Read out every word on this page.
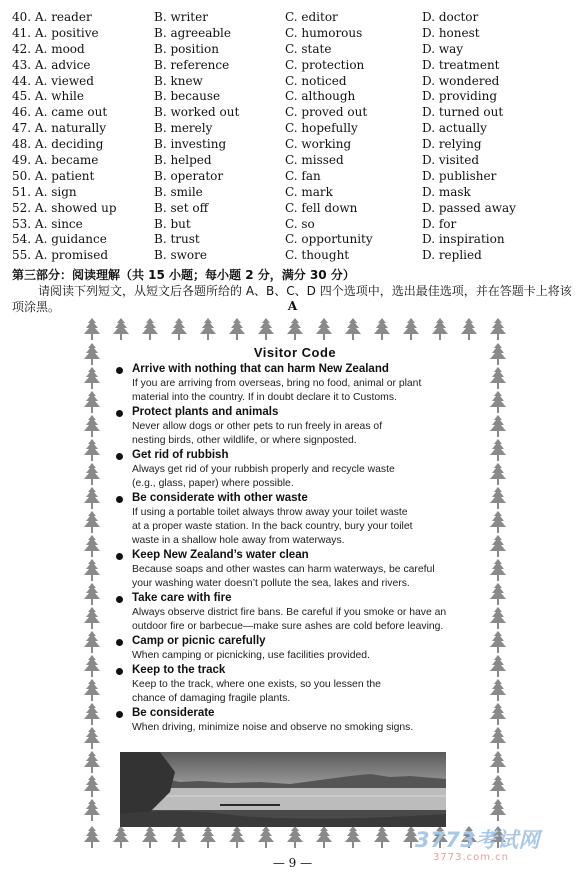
40. A. reader	B. writer	C. editor	D. doctor
41. A. positive	B. agreeable	C. humorous	D. honest
42. A. mood	B. position	C. state	D. way
43. A. advice	B. reference	C. protection	D. treatment
44. A. viewed	B. knew	C. noticed	D. wondered
45. A. while	B. because	C. although	D. providing
46. A. came out	B. worked out	C. proved out	D. turned out
47. A. naturally	B. merely	C. hopefully	D. actually
48. A. deciding	B. investing	C. working	D. relying
49. A. became	B. helped	C. missed	D. visited
50. A. patient	B. operator	C. fan	D. publisher
51. A. sign	B. smile	C. mark	D. mask
52. A. showed up	B. set off	C. fell down	D. passed away
53. A. since	B. but	C. so	D. for
54. A. guidance	B. trust	C. opportunity	D. inspiration
55. A. promised	B. swore	C. thought	D. replied
第三部分：阅读理解（共 15 小题；每小题 2 分，满分 30 分）
请阅读下列短文，从短文后各题所给的 A、B、C、D 四个选项中，选出最佳选项，并在答题卡上将该项涂黑。	A
Visitor Code
Arrive with nothing that can harm New Zealand
If you are arriving from overseas, bring no food, animal or plant
material into the country. If in doubt declare it to Customs.
Protect plants and animals
Never allow dogs or other pets to run freely in areas of
nesting birds, other wildlife, or where signposted.
Get rid of rubbish
Always get rid of your rubbish properly and recycle waste
(e.g., glass, paper) where possible.
Be considerate with other waste
If using a portable toilet always throw away your toilet waste
at a proper waste station. In the back country, bury your toilet
waste in a shallow hole away from waterways.
Keep New Zealand’s water clean
Because soaps and other wastes can harm waterways, be careful
your washing water doesn’t pollute the sea, lakes and rivers.
Take care with fire
Always observe district fire bans. Be careful if you smoke or have an
outdoor fire or barbecue—make sure ashes are cold before leaving.
Camp or picnic carefully
When camping or picnicking, use facilities provided.
Keep to the track
Keep to the track, where one exists, so you lessen the
chance of damaging fragile plants.
Be considerate
When driving, minimize noise and observe no smoking signs.
— 9 —
3773考试网
3773.com.cn
